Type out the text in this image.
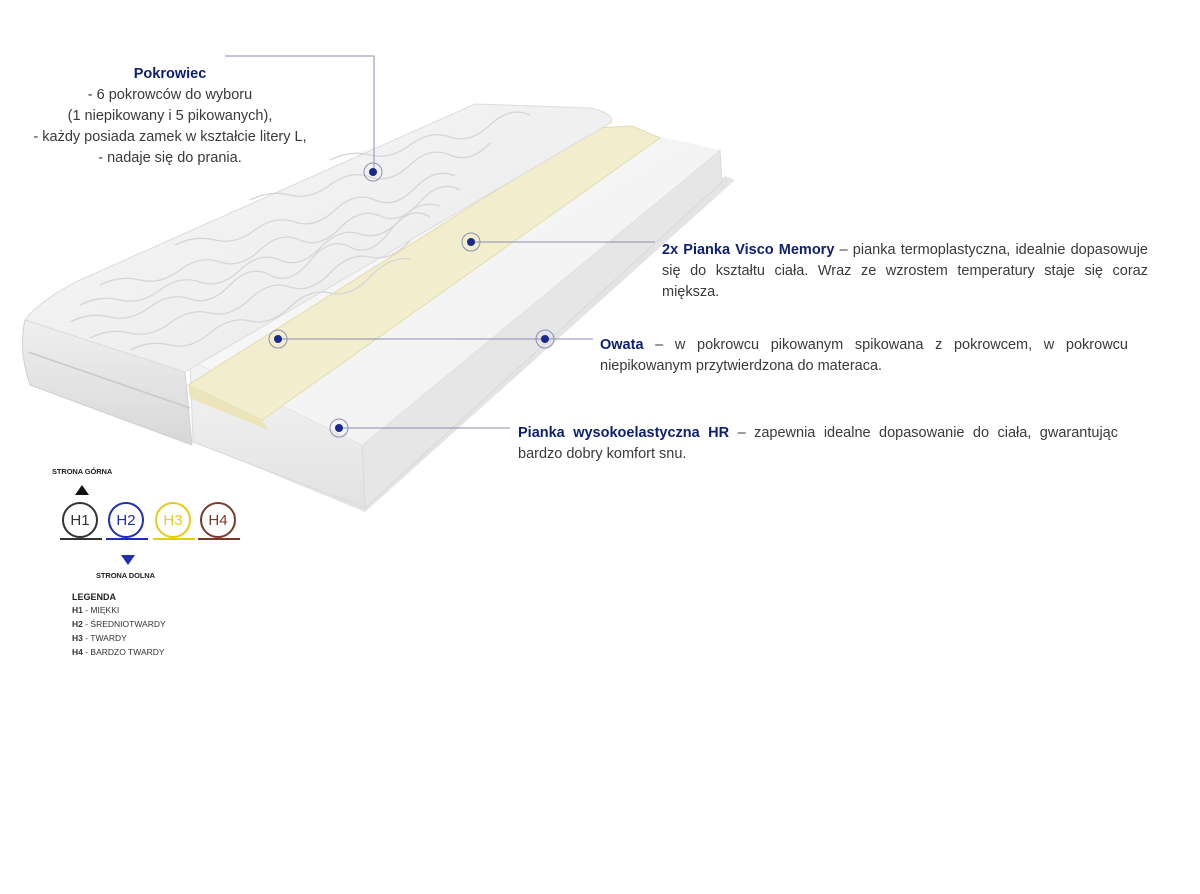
Pokrowiec
- 6 pokrowców do wyboru
(1 niepikowany i 5 pikowanych),
- każdy posiada zamek w kształcie litery L,
- nadaje się do prania.
2x Pianka Visco Memory – pianka termoplastyczna, idealnie dopasowuje się do kształtu ciała. Wraz ze wzrostem temperatury staje się coraz miększa.
Owata – w pokrowcu pikowanym spikowana z pokrowcem, w pokrowcu niepikowanym przytwierdzona do materaca.
Pianka wysokoelastyczna HR – zapewnia idealne dopasowanie do ciała, gwarantując bardzo dobry komfort snu.
STRONA GÓRNA
H1 H2 H3 H4
STRONA DOLNA
LEGENDA
H1 - MIĘKKI
H2 - ŚREDNIOTWARDY
H3 - TWARDY
H4 - BARDZO TWARDY
